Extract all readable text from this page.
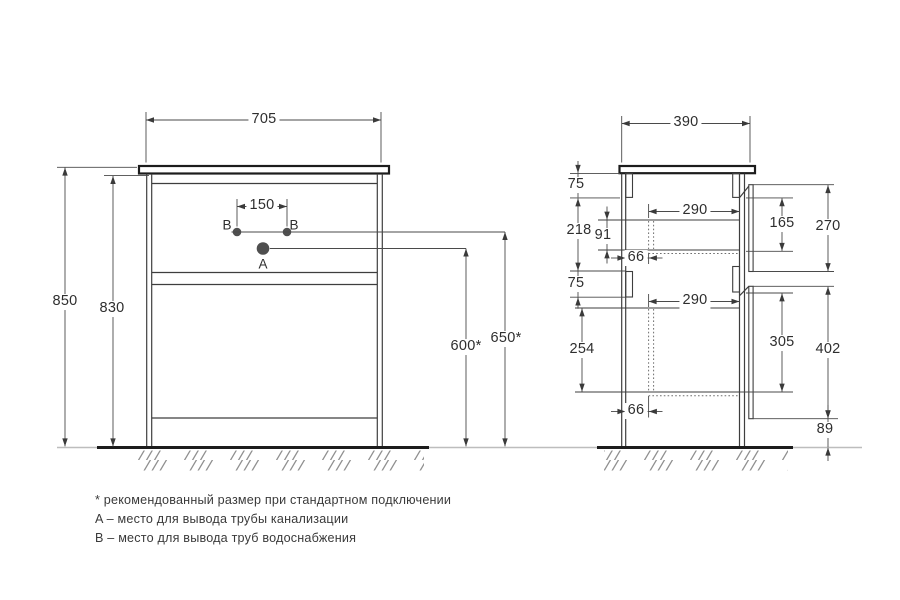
705
850 830
150
600* 650*
B	B
A
390
75
218 91
290
66
165 270
75
290
254	305 402
66
89
* рекомендованный размер при стандартном подключении
A – место для вывода трубы канализации
B – место для вывода труб водоснабжения
